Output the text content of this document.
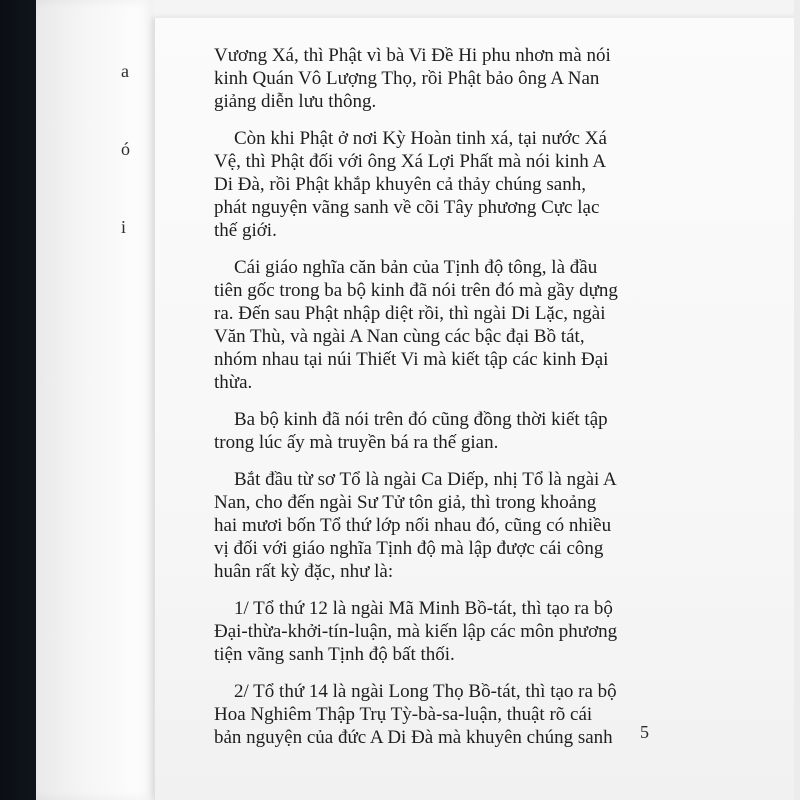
a

ó

i

Vương Xá, thì Phật vì bà Vi Đề Hi phu nhơn mà nói
kinh Quán Vô Lượng Thọ, rồi Phật bảo ông A Nan
giảng diễn lưu thông.

Còn khi Phật ở nơi Kỳ Hoàn tinh xá, tại nước Xá
Vệ, thì Phật đối với ông Xá Lợi Phất mà nói kinh A
Di Đà, rồi Phật khắp khuyên cả thảy chúng sanh,
phát nguyện vãng sanh về cõi Tây phương Cực lạc
thế giới.

Cái giáo nghĩa căn bản của Tịnh độ tông, là đầu
tiên gốc trong ba bộ kinh đã nói trên đó mà gầy dựng
ra. Đến sau Phật nhập diệt rồi, thì ngài Di Lặc, ngài
Văn Thù, và ngài A Nan cùng các bậc đại Bồ tát,
nhóm nhau tại núi Thiết Vi mà kiết tập các kinh Đại
thừa.

Ba bộ kinh đã nói trên đó cũng đồng thời kiết tập
trong lúc ấy mà truyền bá ra thế gian.

Bắt đầu từ sơ Tổ là ngài Ca Diếp, nhị Tổ là ngài A
Nan, cho đến ngài Sư Tử tôn giả, thì trong khoảng
hai mươi bốn Tổ thứ lớp nối nhau đó, cũng có nhiều
vị đối với giáo nghĩa Tịnh độ mà lập được cái công
huân rất kỳ đặc, như là:

1/ Tổ thứ 12 là ngài Mã Minh Bồ-tát, thì tạo ra bộ
Đại-thừa-khởi-tín-luận, mà kiến lập các môn phương
tiện vãng sanh Tịnh độ bất thối.

2/ Tổ thứ 14 là ngài Long Thọ Bồ-tát, thì tạo ra bộ
Hoa Nghiêm Thập Trụ Tỳ-bà-sa-luận, thuật rõ cái
bản nguyện của đức A Di Đà mà khuyên chúng sanh	5
